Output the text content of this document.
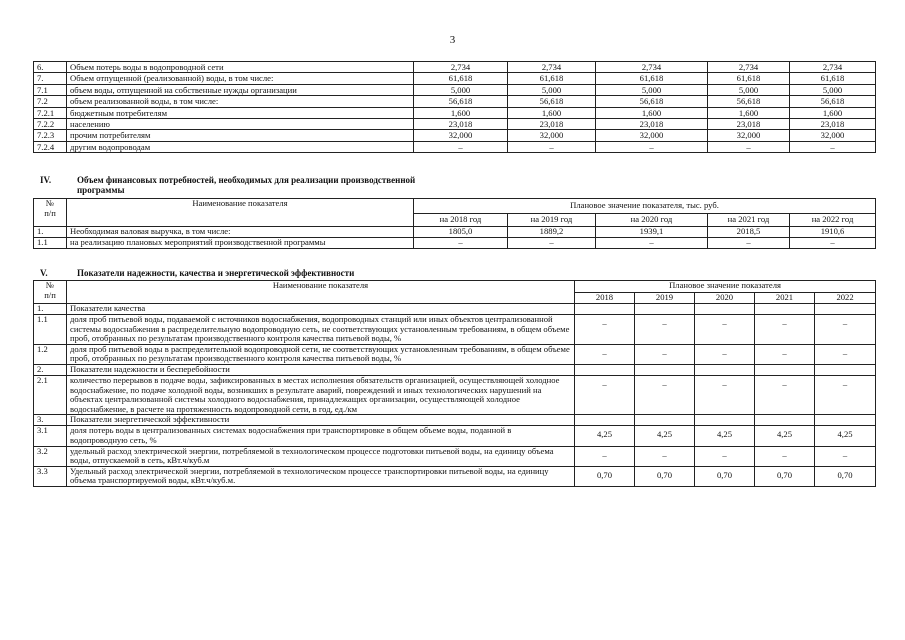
3
6.	Объем потерь воды в водопроводной сети	2,734	2,734	2,734	2,734	2,734
7.	Объем отпущенной (реализованной) воды, в том числе:	61,618	61,618	61,618	61,618	61,618
7.1	объем воды, отпущенной на собственные нужды организации	5,000	5,000	5,000	5,000	5,000
7.2	объем реализованной воды, в том числе:	56,618	56,618	56,618	56,618	56,618
7.2.1	бюджетным потребителям	1,600	1,600	1,600	1,600	1,600
7.2.2	населению	23,018	23,018	23,018	23,018	23,018
7.2.3	прочим потребителям	32,000	32,000	32,000	32,000	32,000
7.2.4	другим водопроводам	–	–	–	–	–
IV.	Объем финансовых потребностей, необходимых для реализации производственной
программы
№
п/п	Наименование показателя	Плановое значение показателя, тыс. руб.				
		на 2018 год	на 2019 год	на 2020 год	на 2021 год	на 2022 год
1.	Необходимая валовая выручка, в том числе:	1805,0	1889,2	1939,1	2018,5	1910,6
1.1	на реализацию плановых мероприятий производственной программы	–	–	–	–	–
V.	Показатели надежности, качества и энергетической эффективности
№
п/п	Наименование показателя	Плановое значение показателя				
		2018	2019	2020	2021	2022
1.	Показатели качества					
1.1	доля проб питьевой воды, подаваемой с источников водоснабжения, водопроводных станций или иных объектов централизованной системы водоснабжения в распределительную водопроводную сеть, не соответствующих установленным требованиям, в общем объеме проб, отобранных по результатам производственного контроля качества питьевой воды, %	–	–	–	–	–
1.2	доля проб питьевой воды в распределительной водопроводной сети, не соответствующих установленным требованиям, в общем объеме проб, отобранных по результатам производственного контроля качества питьевой воды, %	–	–	–	–	–
2.	Показатели надежности и бесперебойности					
2.1	количество перерывов в подаче воды, зафиксированных в местах исполнения обязательств организацией, осуществляющей холодное водоснабжение, по подаче холодной воды, возникших в результате аварий, повреждений и иных технологических нарушений на объектах централизованной системы холодного водоснабжения, принадлежащих организации, осуществляющей холодное водоснабжение, в расчете на протяженность водопроводной сети, в год, ед./км	–	–	–	–	–
3.	Показатели энергетической эффективности					
3.1	доля потерь воды в централизованных системах водоснабжения при транспортировке в общем объеме воды, поданной в водопроводную сеть, %	4,25	4,25	4,25	4,25	4,25
3.2	удельный расход электрической энергии, потребляемой в технологическом процессе подготовки питьевой воды, на единицу объема воды, отпускаемой в сеть, кВт.ч/куб.м	–	–	–	–	–
3.3	Удельный расход электрической энергии, потребляемой в технологическом процессе транспортировки питьевой воды, на единицу объема транспортируемой воды, кВт.ч/куб.м.	0,70	0,70	0,70	0,70	0,70
